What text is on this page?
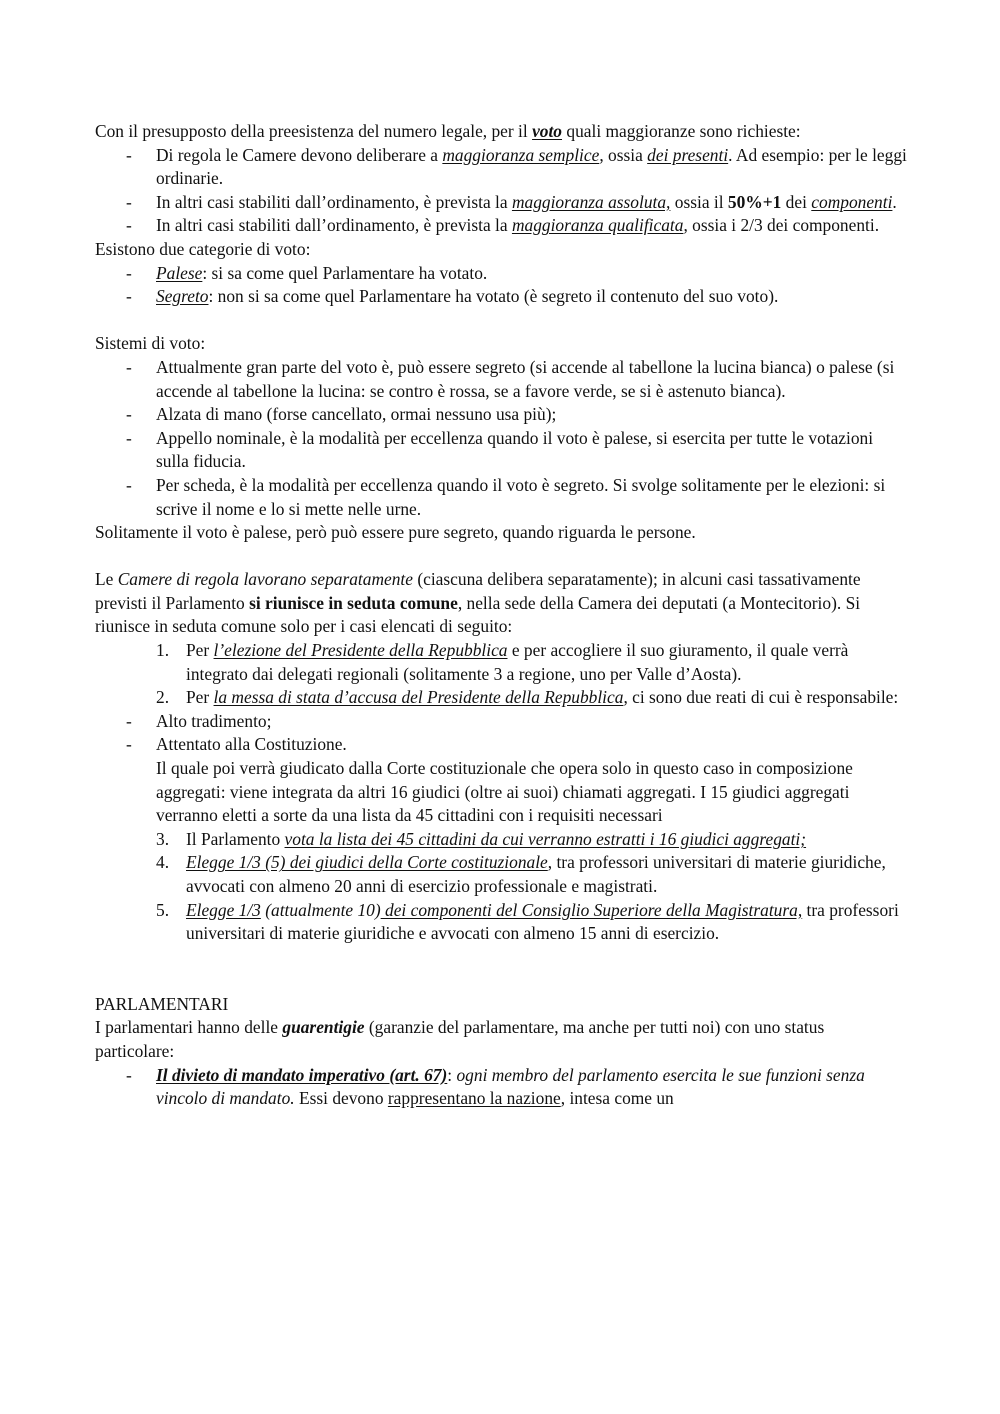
Con il presupposto della preesistenza del numero legale, per il voto quali maggioranze sono richieste:

- Di regola le Camere devono deliberare a maggioranza semplice, ossia dei presenti. Ad esempio: per le leggi ordinarie.
- In altri casi stabiliti dall’ordinamento, è prevista la maggioranza assoluta, ossia il 50%+1 dei componenti.
- In altri casi stabiliti dall’ordinamento, è prevista la maggioranza qualificata, ossia i 2/3 dei componenti.

Esistono due categorie di voto:

- Palese: si sa come quel Parlamentare ha votato.
- Segreto: non si sa come quel Parlamentare ha votato (è segreto il contenuto del suo voto).

Sistemi di voto:

- Attualmente gran parte del voto è, può essere segreto (si accende al tabellone la lucina bianca) o palese (si accende al tabellone la lucina: se contro è rossa, se a favore verde, se si è astenuto bianca).
- Alzata di mano (forse cancellato, ormai nessuno usa più);
- Appello nominale, è la modalità per eccellenza quando il voto è palese, si esercita per tutte le votazioni sulla fiducia.
- Per scheda, è la modalità per eccellenza quando il voto è segreto. Si svolge solitamente per le elezioni: si scrive il nome e lo si mette nelle urne.

Solitamente il voto è palese, però può essere pure segreto, quando riguarda le persone.

Le Camere di regola lavorano separatamente (ciascuna delibera separatamente); in alcuni casi tassativamente previsti il Parlamento si riunisce in seduta comune, nella sede della Camera dei deputati (a Montecitorio). Si riunisce in seduta comune solo per i casi elencati di seguito:

1. Per l’elezione del Presidente della Repubblica e per accogliere il suo giuramento, il quale verrà integrato dai delegati regionali (solitamente 3 a regione, uno per Valle d’Aosta).
2. Per la messa di stata d’accusa del Presidente della Repubblica, ci sono due reati di cui è responsabile:
- Alto tradimento;
- Attentato alla Costituzione.

Il quale poi verrà giudicato dalla Corte costituzionale che opera solo in questo caso in composizione aggregati: viene integrata da altri 16 giudici (oltre ai suoi) chiamati aggregati. I 15 giudici aggregati verranno eletti a sorte da una lista da 45 cittadini con i requisiti necessari

3. Il Parlamento vota la lista dei 45 cittadini da cui verranno estratti i 16 giudici aggregati;
4. Elegge 1/3 (5) dei giudici della Corte costituzionale, tra professori universitari di materie giuridiche, avvocati con almeno 20 anni di esercizio professionale e magistrati.
5. Elegge 1/3 (attualmente 10) dei componenti del Consiglio Superiore della Magistratura, tra professori universitari di materie giuridiche e avvocati con almeno 15 anni di esercizio.

PARLAMENTARI

I parlamentari hanno delle guarentigie (garanzie del parlamentare, ma anche per tutti noi) con uno status particolare:

- Il divieto di mandato imperativo (art. 67): ogni membro del parlamento esercita le sue funzioni senza vincolo di mandato. Essi devono rappresentano la nazione, intesa come un
